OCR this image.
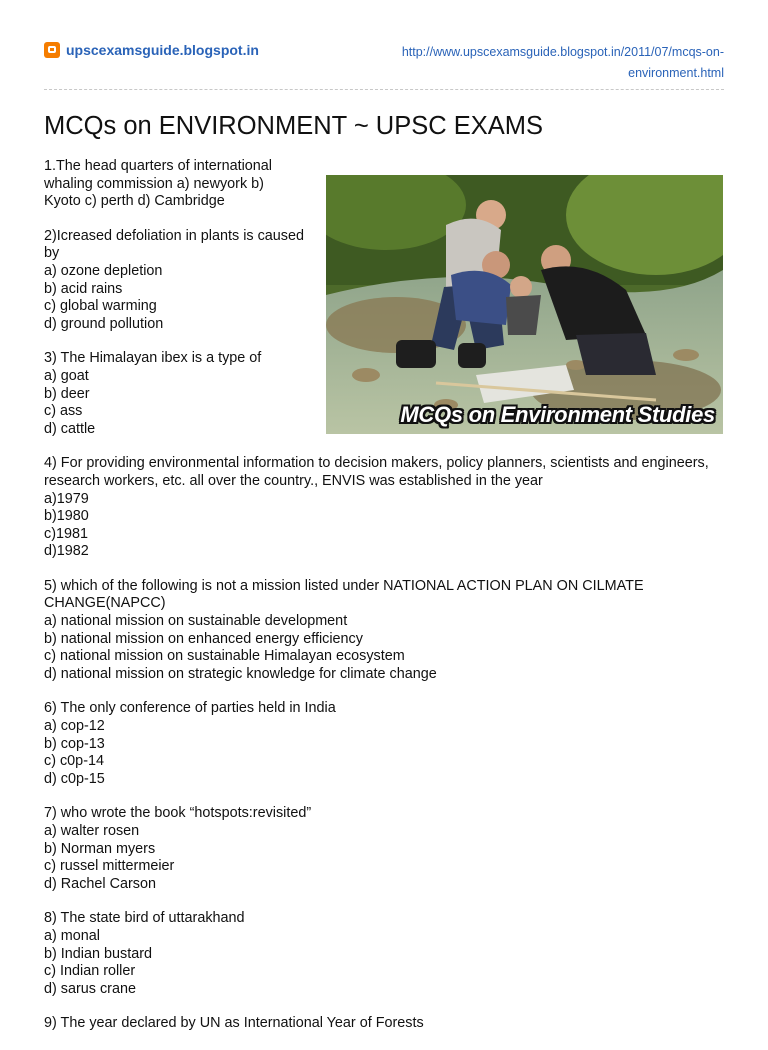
upscexamsguide.blogspot.in	http://www.upscexamsguide.blogspot.in/2011/07/mcqs-on-
environment.html
MCQs on ENVIRONMENT ~ UPSC EXAMS
MCQs on Environment Studies

1.The head quarters of international whaling commission a) newyork b) Kyoto c) perth d) Cambridge

2)Icreased defoliation in plants is caused by

a) ozone depletion

b) acid rains

c) global warming

d) ground pollution

3) The Himalayan ibex is a type of

a) goat

b) deer

c) ass

d) cattle

4) For providing environmental information to decision makers, policy planners, scientists and engineers, research workers, etc. all over the country., ENVIS was established in the year

a)1979

b)1980

c)1981

d)1982

5) which of the following is not a mission listed under NATIONAL ACTION PLAN ON CILMATE CHANGE(NAPCC)

a) national mission on sustainable development

b) national mission on enhanced energy efficiency

c) national mission on sustainable Himalayan ecosystem

d) national mission on strategic knowledge for climate change

6) The only conference of parties held in India

a) cop-12

b) cop-13

c) c0p-14

d) c0p-15

7) who wrote the book “hotspots:revisited”

a) walter rosen

b) Norman myers

c) russel mittermeier

d) Rachel Carson

8) The state bird of uttarakhand

a) monal

b) Indian bustard

c) Indian roller

d) sarus crane

9) The year declared by UN as International Year of Forests
